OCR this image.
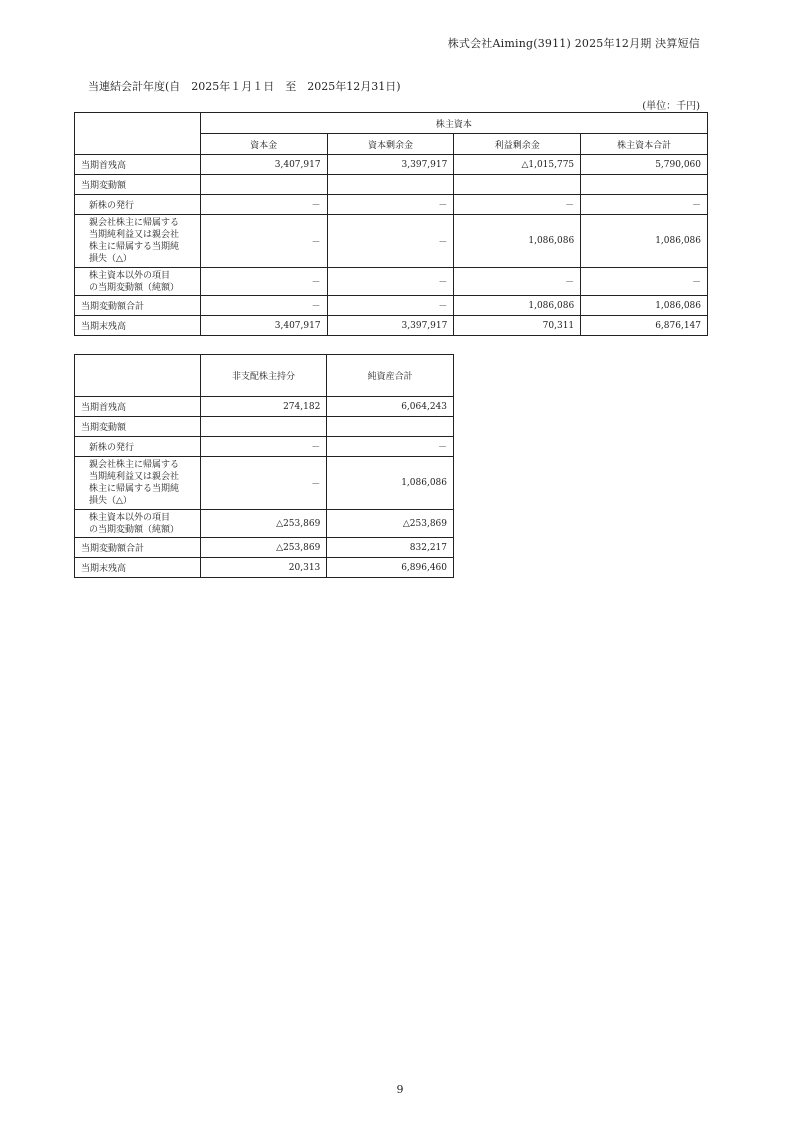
株式会社Aiming(3911) 2025年12月期 決算短信
当連結会計年度(自　2025年１月１日　至　2025年12月31日)
(単位：千円)
	株主資本			
	資本金	資本剰余金	利益剰余金	株主資本合計
当期首残高	3,407,917	3,397,917	△1,015,775	5,790,060
当期変動額				
新株の発行	－	－	－	－

親会社株主に帰属する
当期純利益又は親会社
株主に帰属する当期純
損失（△）	－	－	1,086,086	1,086,086

株主資本以外の項目
の当期変動額（純額）	－	－	－	－
当期変動額合計	－	－	1,086,086	1,086,086
当期末残高	3,407,917	3,397,917	70,311	6,876,147
	非支配株主持分	純資産合計
当期首残高	274,182	6,064,243
当期変動額		
新株の発行	－	－

親会社株主に帰属する
当期純利益又は親会社
株主に帰属する当期純
損失（△）	－	1,086,086

株主資本以外の項目
の当期変動額（純額）	△253,869	△253,869
当期変動額合計	△253,869	832,217
当期末残高	20,313	6,896,460
9
